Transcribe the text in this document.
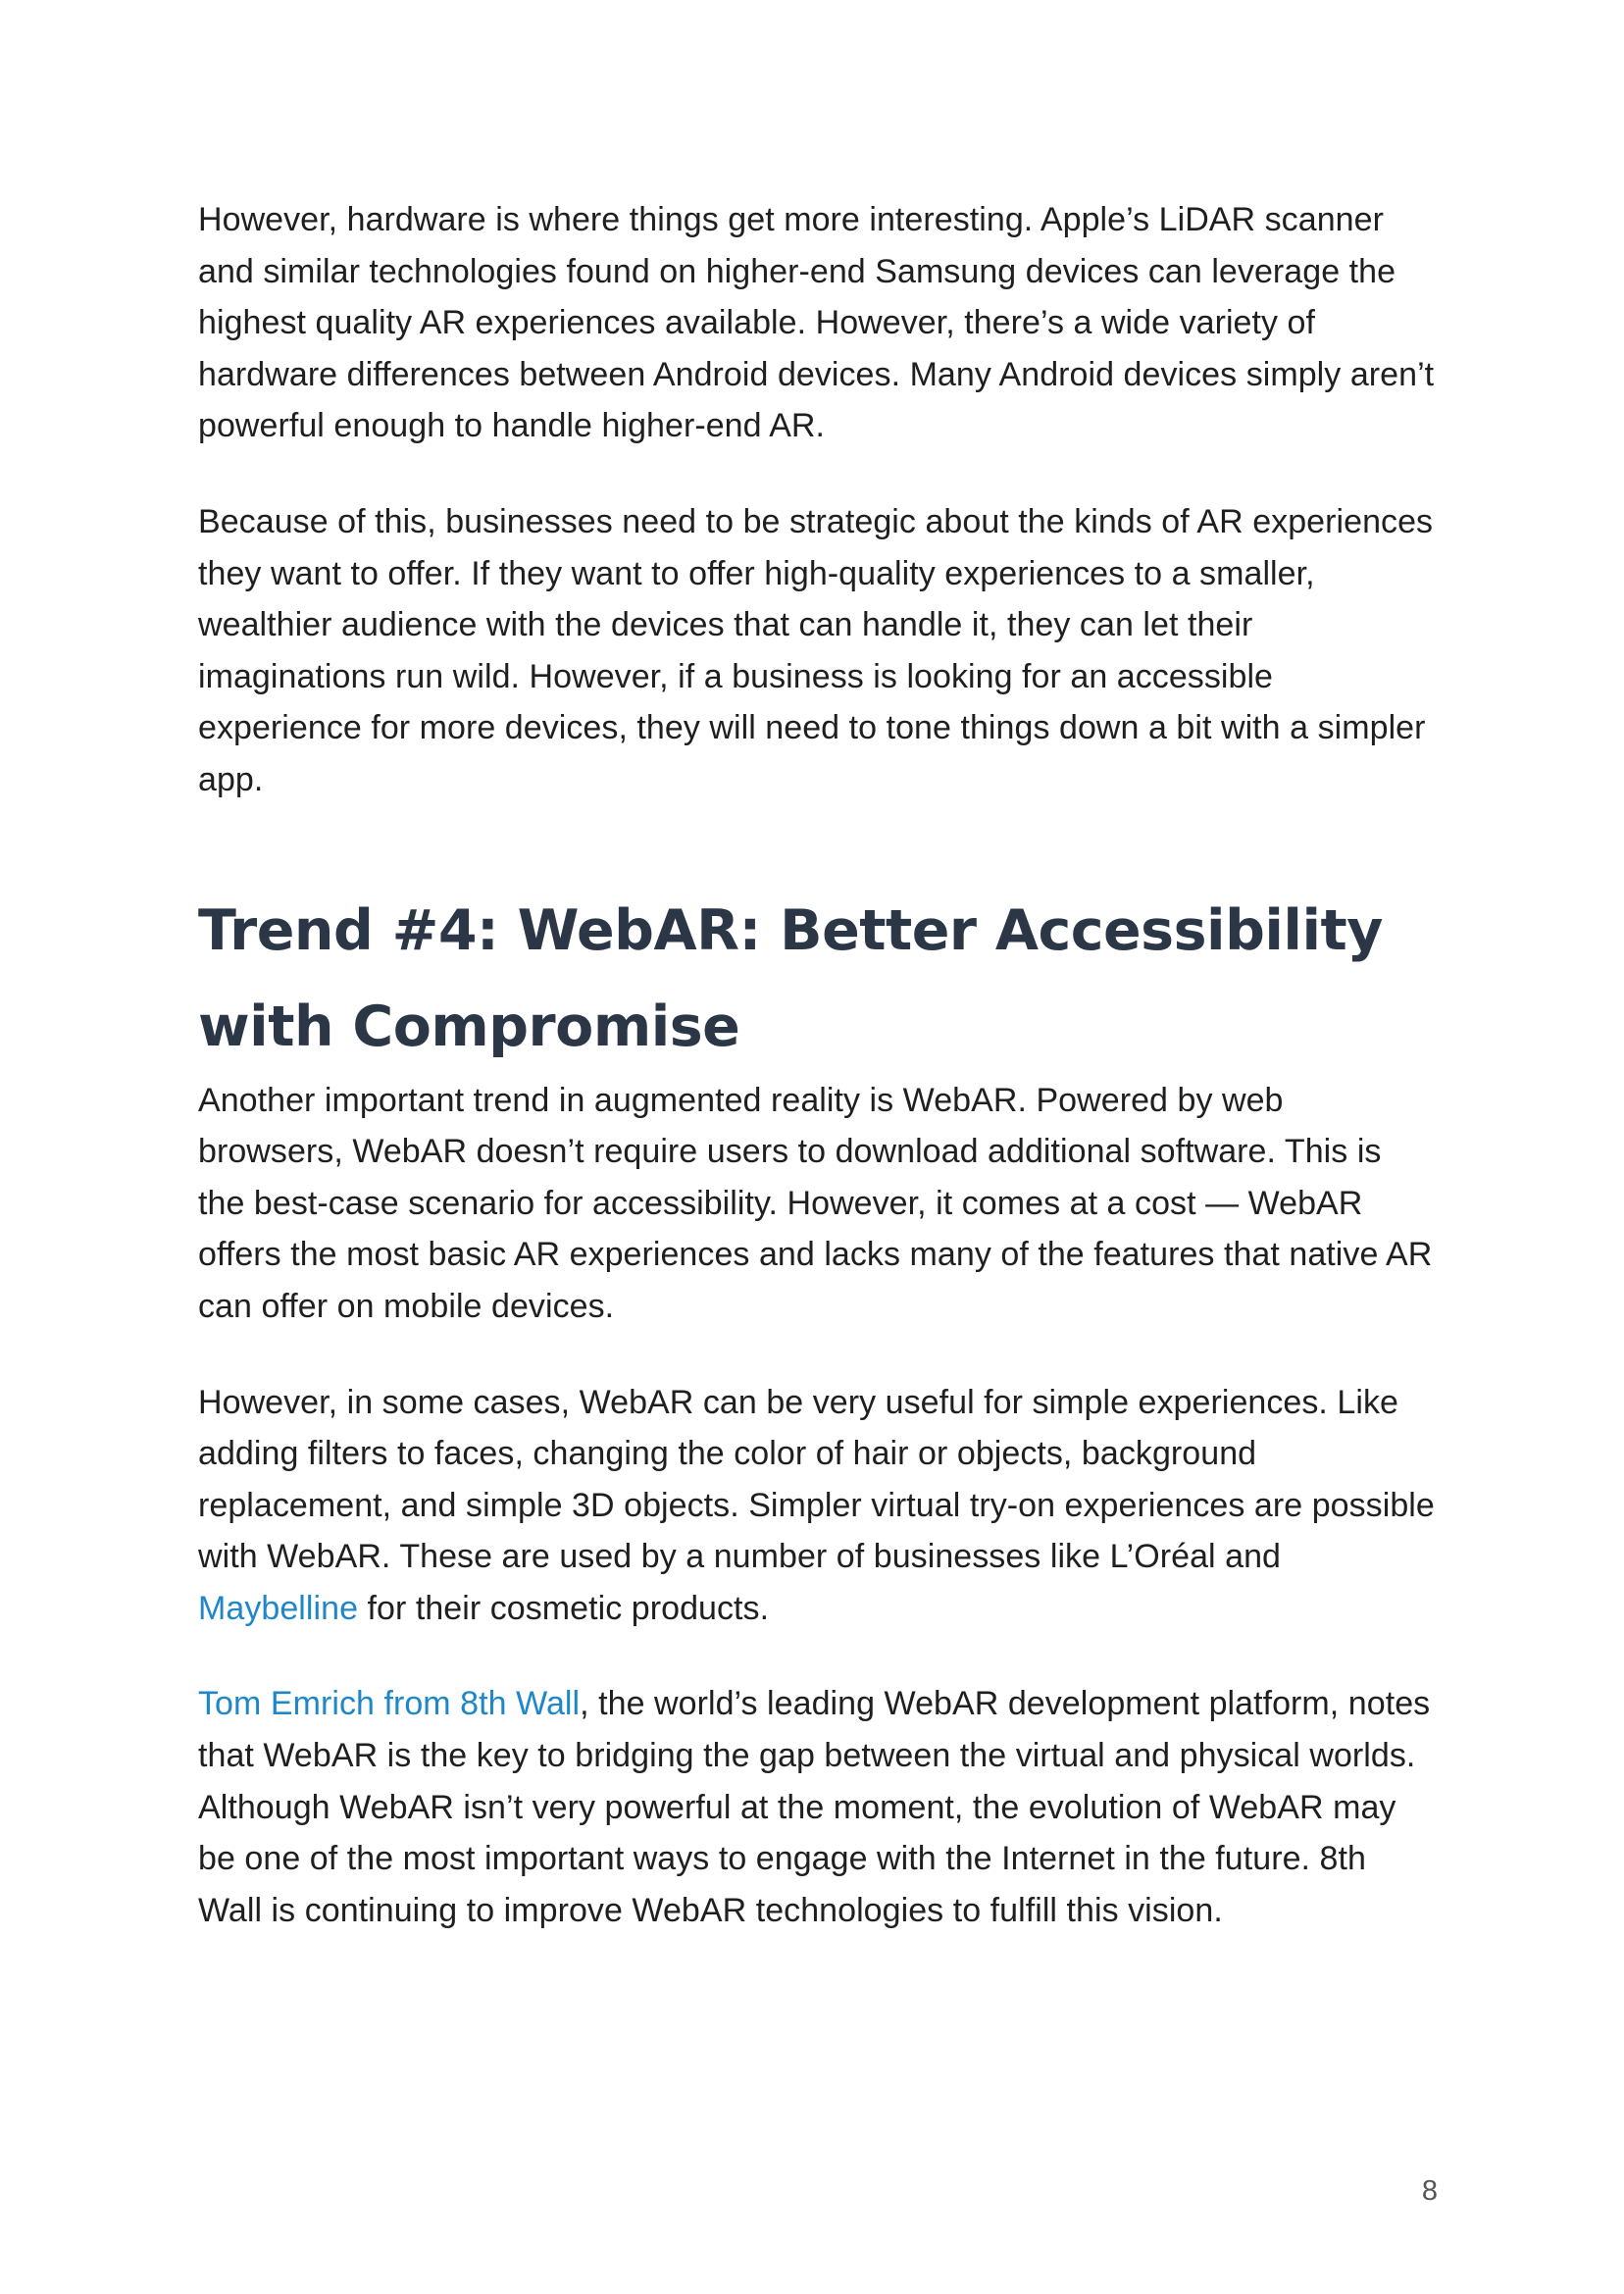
However, hardware is where things get more interesting. Apple’s LiDAR scanner and similar technologies found on higher-end Samsung devices can leverage the highest quality AR experiences available. However, there’s a wide variety of hardware differences between Android devices. Many Android devices simply aren’t powerful enough to handle higher-end AR.

Because of this, businesses need to be strategic about the kinds of AR experiences they want to offer. If they want to offer high-quality experiences to a smaller, wealthier audience with the devices that can handle it, they can let their imaginations run wild. However, if a business is looking for an accessible experience for more devices, they will need to tone things down a bit with a simpler app.

Trend #4: WebAR: Better Accessibility with Compromise

Another important trend in augmented reality is WebAR. Powered by web browsers, WebAR doesn’t require users to download additional software. This is the best-case scenario for accessibility. However, it comes at a cost — WebAR offers the most basic AR experiences and lacks many of the features that native AR can offer on mobile devices.

However, in some cases, WebAR can be very useful for simple experiences. Like adding filters to faces, changing the color of hair or objects, background replacement, and simple 3D objects. Simpler virtual try-on experiences are possible with WebAR. These are used by a number of businesses like L’Oréal and Maybelline for their cosmetic products.

Tom Emrich from 8th Wall, the world’s leading WebAR development platform, notes that WebAR is the key to bridging the gap between the virtual and physical worlds. Although WebAR isn’t very powerful at the moment, the evolution of WebAR may be one of the most important ways to engage with the Internet in the future. 8th Wall is continuing to improve WebAR technologies to fulfill this vision.

8
